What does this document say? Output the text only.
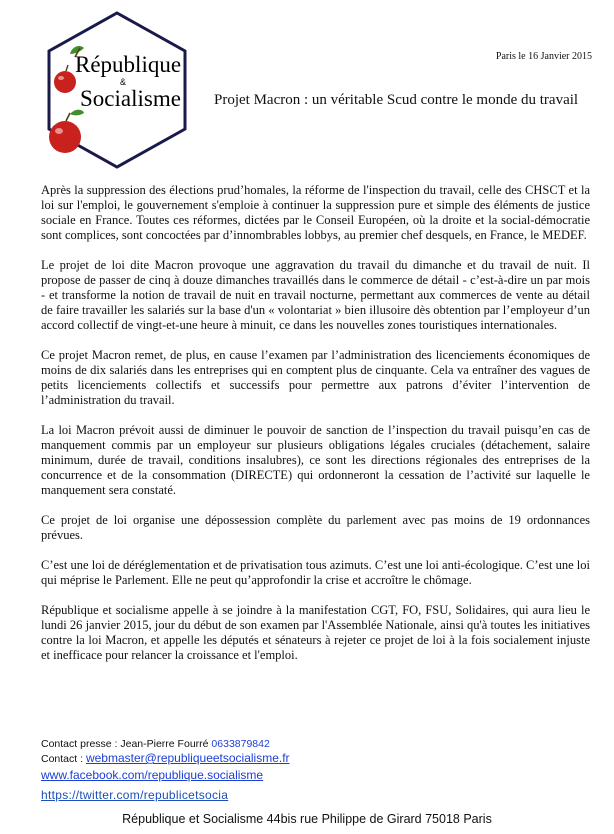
République
&
Socialisme
Paris le 16 Janvier 2015
Projet Macron : un véritable Scud contre le monde du travail

Après la suppression des élections prud’homales, la réforme de l'inspection du travail, celle des CHSCT et la loi sur l'emploi, le gouvernement s'emploie à continuer la suppression pure et simple des éléments de justice sociale en France. Toutes ces réformes, dictées par le Conseil Européen, où la droite et la social-démocratie sont complices, sont concoctées par d’innombrables lobbys, au premier chef desquels, en France, le MEDEF.

Le projet de loi dite Macron provoque une aggravation du travail du dimanche et du travail de nuit. Il propose de passer de cinq à douze dimanches travaillés dans le commerce de détail - c’est-à-dire un par mois - et transforme la notion de travail de nuit en travail nocturne, permettant aux commerces de vente au détail de faire travailler les salariés sur la base d'un « volontariat » bien illusoire dès obtention par l’employeur d’un accord collectif de vingt-et-une heure à minuit, ce dans les nouvelles zones touristiques internationales.

Ce projet Macron remet, de plus, en cause l’examen par l’administration des licenciements économiques de moins de dix salariés dans les entreprises qui en comptent plus de cinquante. Cela va entraîner des vagues de petits licenciements collectifs et successifs pour permettre aux patrons d’éviter l’intervention de l’administration du travail.

La loi Macron prévoit aussi de diminuer le pouvoir de sanction de l’inspection du travail puisqu’en cas de manquement commis par un employeur sur plusieurs obligations légales cruciales (détachement, salaire minimum, durée de travail, conditions insalubres), ce sont les directions régionales des entreprises de la concurrence et de la consommation (DIRECTE) qui ordonneront la cessation de l’activité sur laquelle le manquement sera constaté.

Ce projet de loi organise une dépossession complète du parlement avec pas moins de 19 ordonnances prévues.

C’est une loi de déréglementation et de privatisation tous azimuts. C’est une loi anti-écologique. C’est une loi qui méprise le Parlement. Elle ne peut qu’approfondir la crise et accroître le chômage.

République et socialisme appelle à se joindre à la manifestation CGT, FO, FSU, Solidaires, qui aura lieu le lundi 26 janvier 2015, jour du début de son examen par l'Assemblée Nationale, ainsi qu'à toutes les initiatives contre la loi Macron, et appelle les députés et sénateurs à rejeter ce projet de loi à la fois socialement injuste et inefficace pour relancer la croissance et l'emploi.

Contact presse : Jean-Pierre Fourré 0633879842
Contact : webmaster@republiqueetsocialisme.fr
www.facebook.com/republique.socialisme
https://twitter.com/republicetsocia
République et Socialisme 44bis rue Philippe de Girard 75018 Paris
